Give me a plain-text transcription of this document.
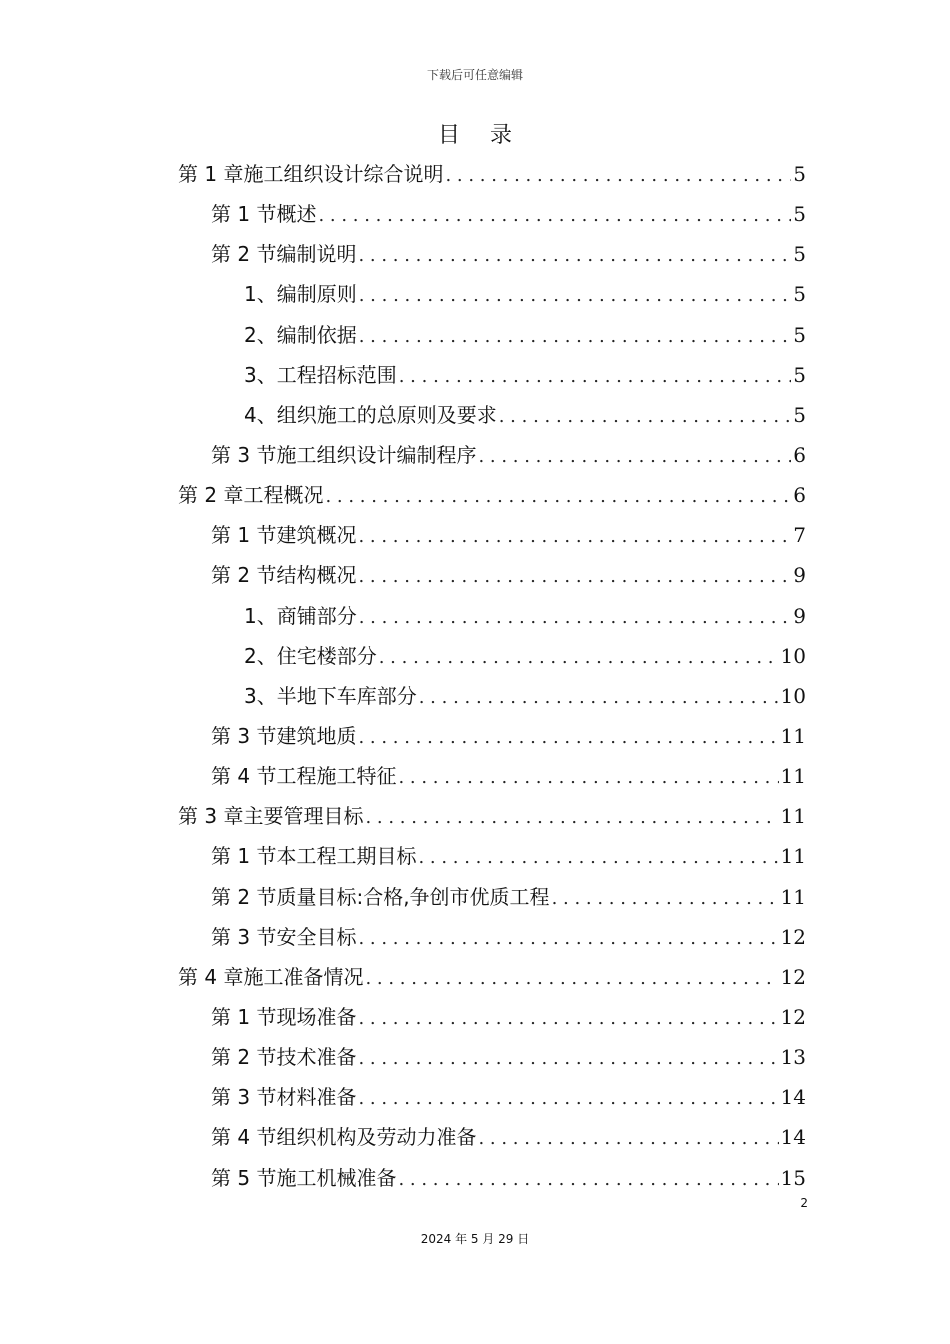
下载后可任意编辑
目录
第 1 章 施工组织设计综合说明 . . .	5
第 1 节 概述 . . .	5
第 2 节 编制说明 . . .	5
1、 编制原则 . . .	5
2、 编制依据 . . .	5
3、 工程招标范围 . . .	5
4、 组织施工的总原则及要求 . . .	5
第 3 节 施工组织设计编制程序 . . .	6
第 2 章 工程概况 . . .	6
第 1 节 建筑概况 . . .	7
第 2 节 结构概况 . . .	9
1、 商铺部分 . . .	9
2、 住宅楼部分 . . .	10
3、 半地下车库部分 . . .	10
第 3 节 建筑地质 . . .	11
第 4 节 工程施工特征 . . .	11
第 3 章 主要管理目标 . . .	11
第 1 节 本工程工期目标 . . .	11
第 2 节 质量目标:合格,争创市优质工程 . . .	11
第 3 节 安全目标 . . .	12
第 4 章 施工准备情况 . . .	12
第 1 节 现场准备 . . .	12
第 2 节 技术准备 . . .	13
第 3 节 材料准备 . . .	14
第 4 节 组织机构及劳动力准备 . . .	14
第 5 节 施工机械准备 . . .	15
2
2024 年 5 月 29 日
